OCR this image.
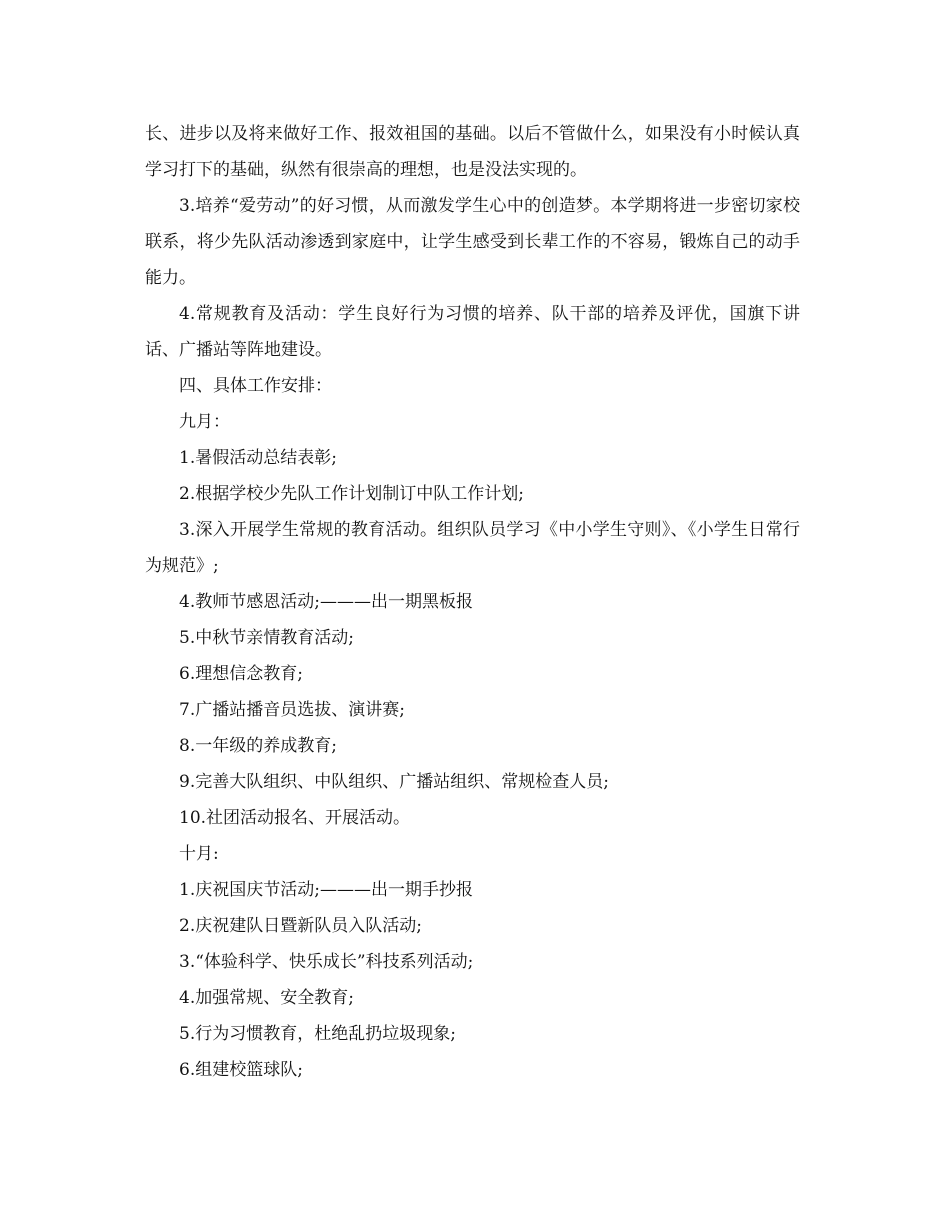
长、进步以及将来做好工作、报效祖国的基础。以后不管做什么，如果没有小时候认真学习打下的基础，纵然有很崇高的理想，也是没法实现的。

3.培养“爱劳动”的好习惯，从而激发学生心中的创造梦。本学期将进一步密切家校联系，将少先队活动渗透到家庭中，让学生感受到长辈工作的不容易，锻炼自己的动手能力。

4.常规教育及活动：学生良好行为习惯的培养、队干部的培养及评优，国旗下讲话、广播站等阵地建设。

四、具体工作安排：

九月：

1.暑假活动总结表彰;

2.根据学校少先队工作计划制订中队工作计划;

3.深入开展学生常规的教育活动。组织队员学习《中小学生守则》、《小学生日常行为规范》;

4.教师节感恩活动;———出一期黑板报

5.中秋节亲情教育活动;

6.理想信念教育;

7.广播站播音员选拔、演讲赛;

8.一年级的养成教育;

9.完善大队组织、中队组织、广播站组织、常规检查人员;

10.社团活动报名、开展活动。

十月:

1.庆祝国庆节活动;———出一期手抄报

2.庆祝建队日暨新队员入队活动;

3.“体验科学、快乐成长”科技系列活动;

4.加强常规、安全教育;

5.行为习惯教育，杜绝乱扔垃圾现象;

6.组建校篮球队;
